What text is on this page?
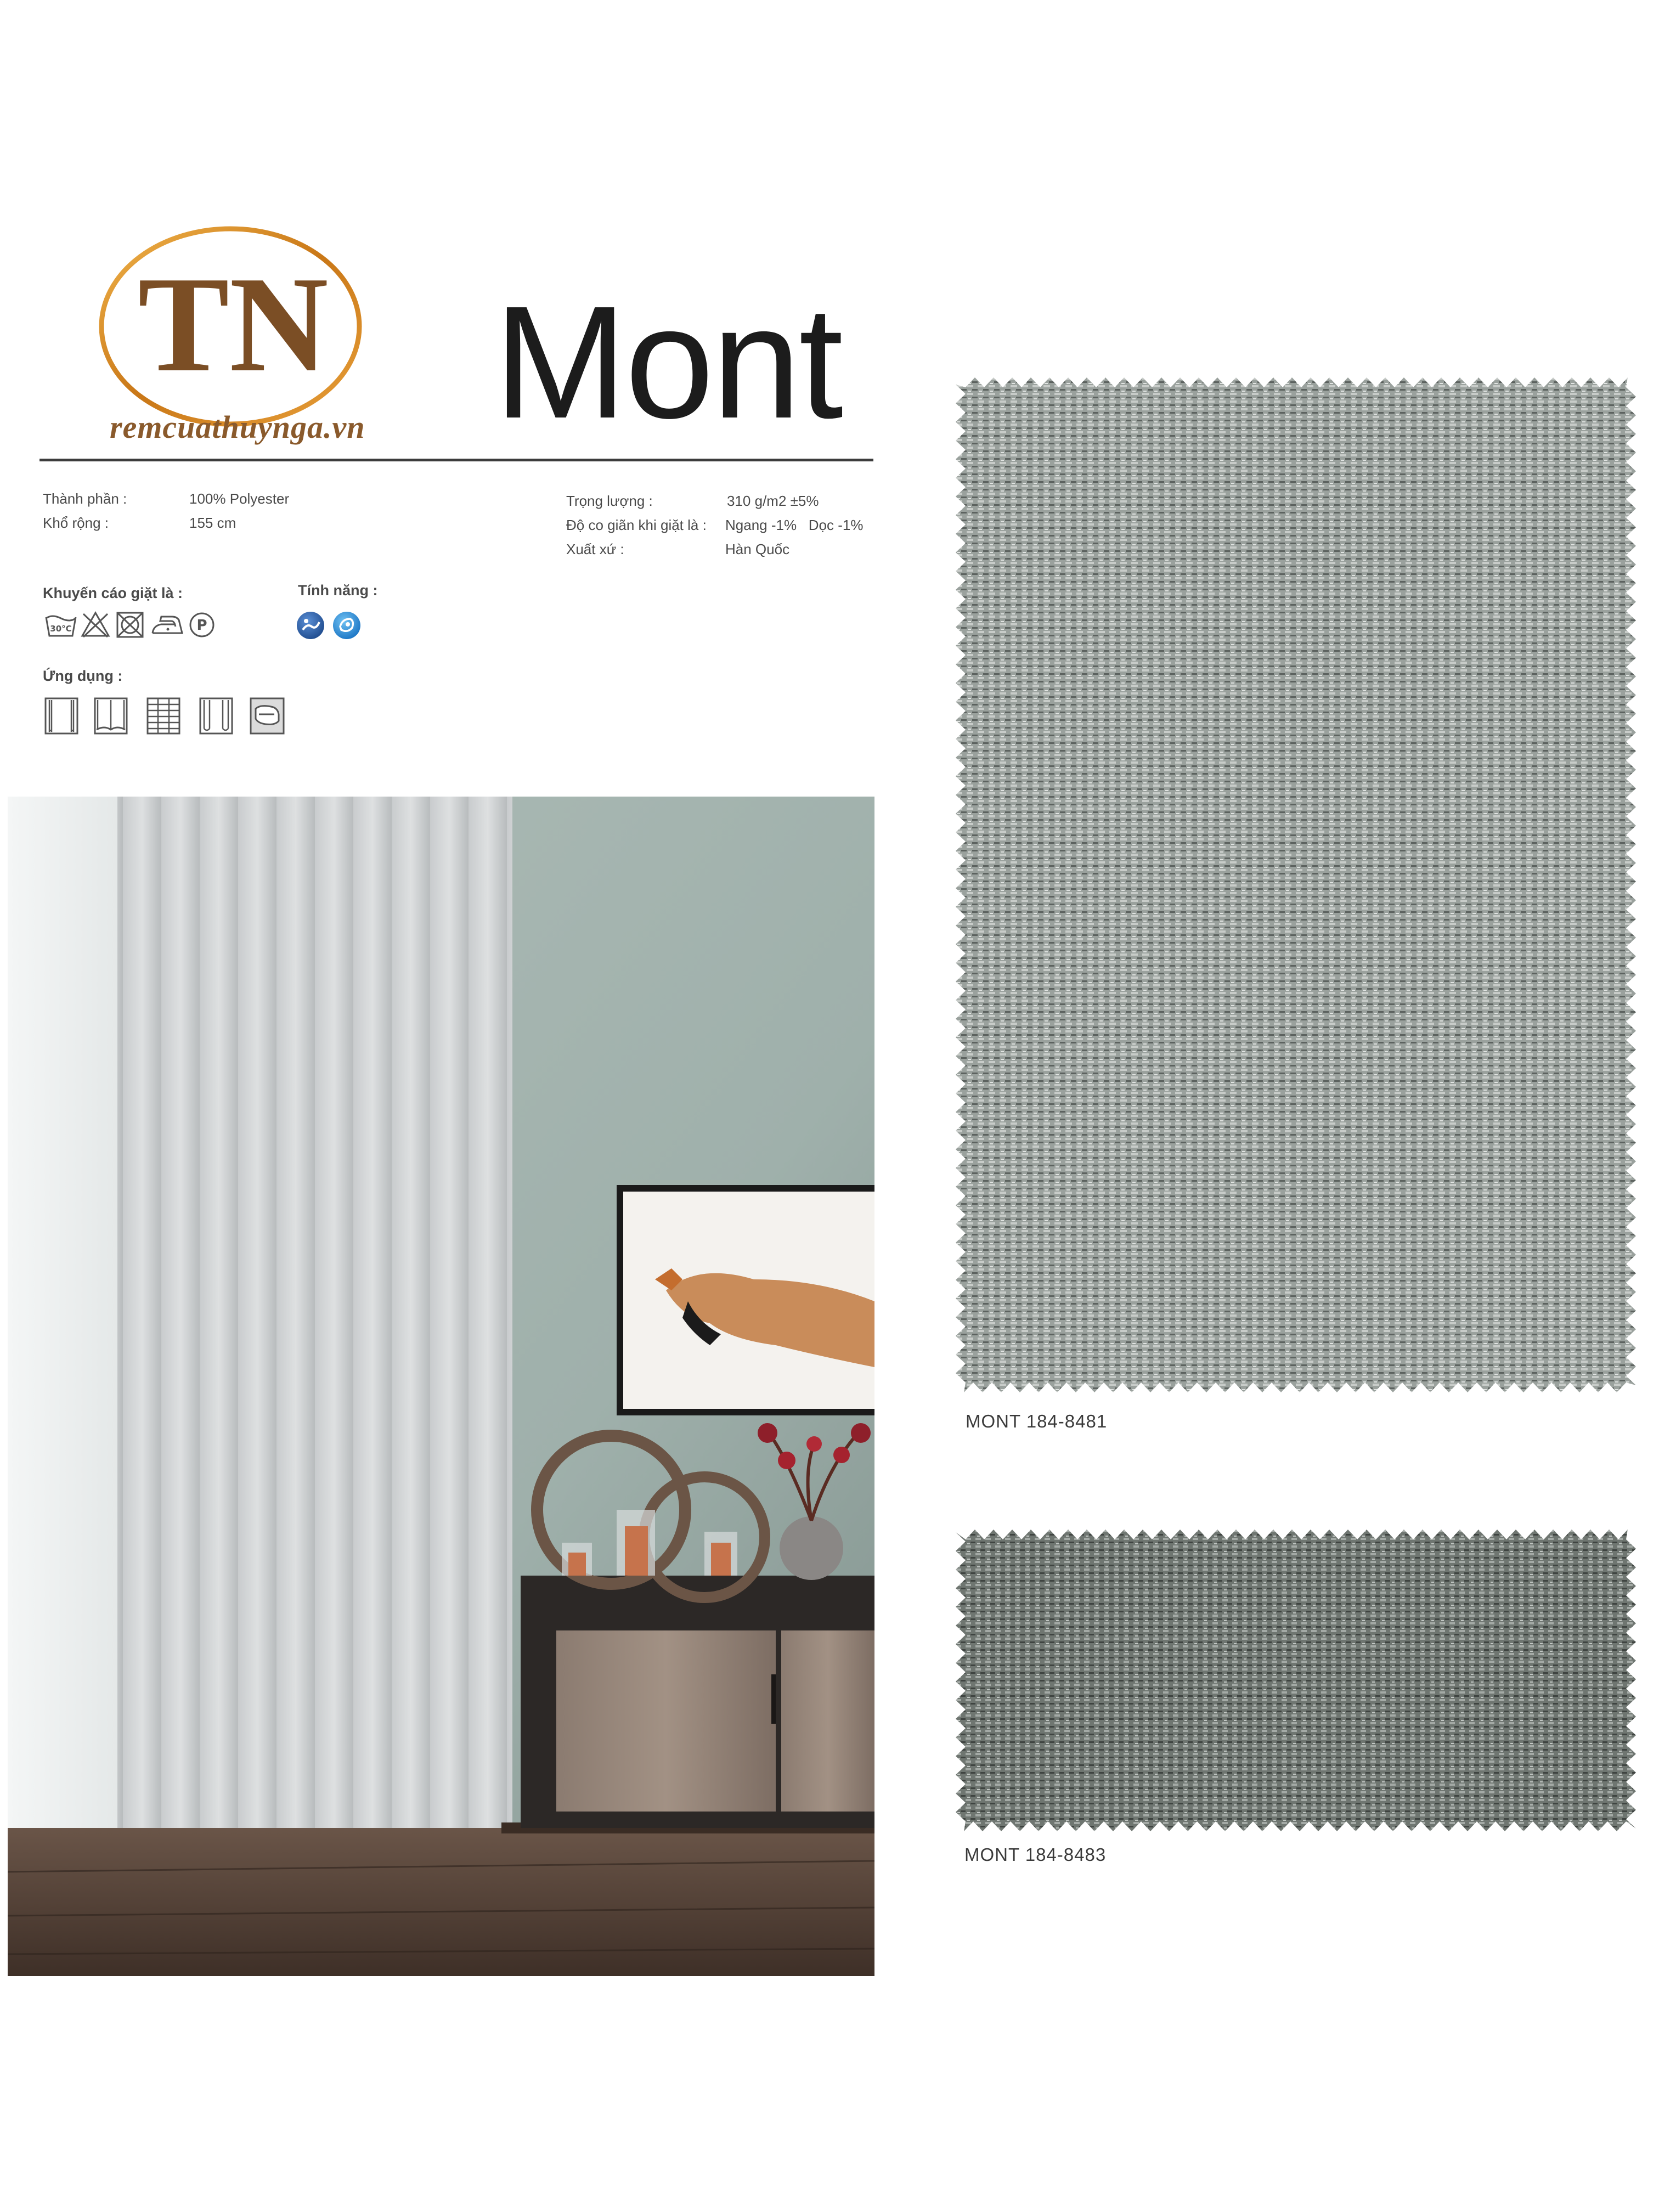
TN
remcuathuynga.vn Mont
Thành phần :	100% Polyester
Khổ rộng :	155 cm
Trọng lượng :	310 g/m2 ±5%
Độ co giãn khi giặt là : Ngang -1%   Dọc -1%
Xuất xứ :	Hàn Quốc
Khuyến cáo giặt là :	Tính năng :
Ứng dụng :
30°C	P
MONT 184-8481
MONT 184-8483
